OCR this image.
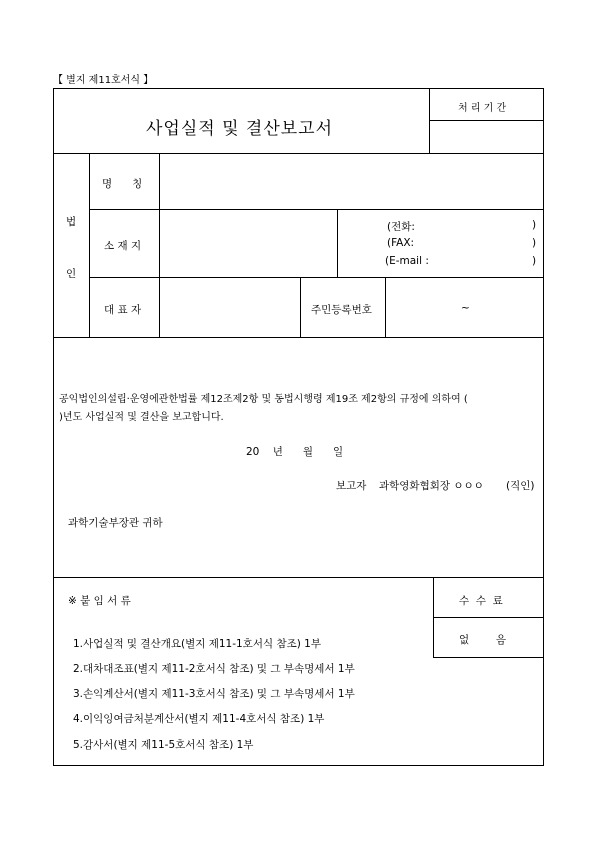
【 별지 제11호서식 】
사업실적 및 결산보고서
처 리 기 간
법
인
명      칭
소 재 지
(전화:	)
(FAX:	)
(E-mail :	)
대 표 자	주민등록번호	~
공익법인의설립·운영에관한법률 제12조제2항 및 동법시행령 제19조 제2항의 규정에 의하여 (
)년도 사업실적 및 결산을 보고합니다.
20    년      월      일
보고자 과학영화협회장 ㅇㅇㅇ (직인)
과학기술부장관 귀하
※ 붙 임 서 류	수  수  료
없        음
1.사업실적 및 결산개요(별지 제11-1호서식 참조) 1부
2.대차대조표(별지 제11-2호서식 참조) 및 그 부속명세서 1부
3.손익계산서(별지 제11-3호서식 참조) 및 그 부속명세서 1부
4.이익잉여금처분계산서(별지 제11-4호서식 참조) 1부
5.감사서(별지 제11-5호서식 참조) 1부
